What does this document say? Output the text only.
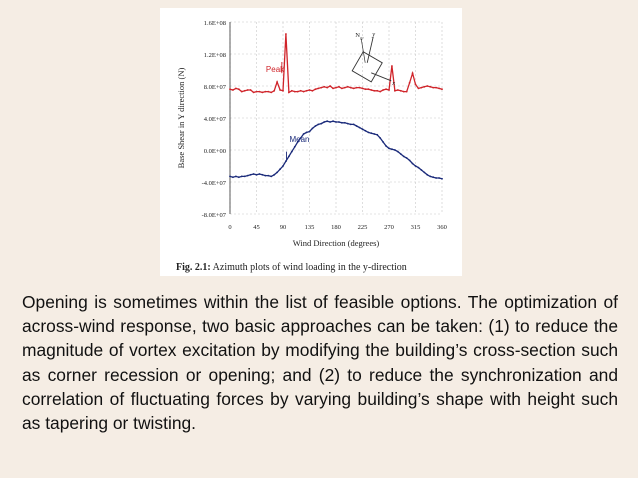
1.6E+08
1.2E+08
8.0E+07
4.0E+07
0.0E+00
-4.0E+07
-8.0E+07
0	45	90	135	180	225	270	315	360
Wind Direction (degrees)
Base Shear in Y direction (N)	Peak
Mean
N 0°
y
x
Fig. 2.1: Azimuth plots of wind loading in the y-direction
Opening is sometimes within the list of feasible options. The optimization of across-wind response, two basic approaches can be taken: (1) to reduce the magnitude of vortex excitation by modifying the building’s cross-section such as corner recession or opening; and (2) to reduce the synchronization and correlation of fluctuating forces by varying building’s shape with height such as tapering or twisting.
